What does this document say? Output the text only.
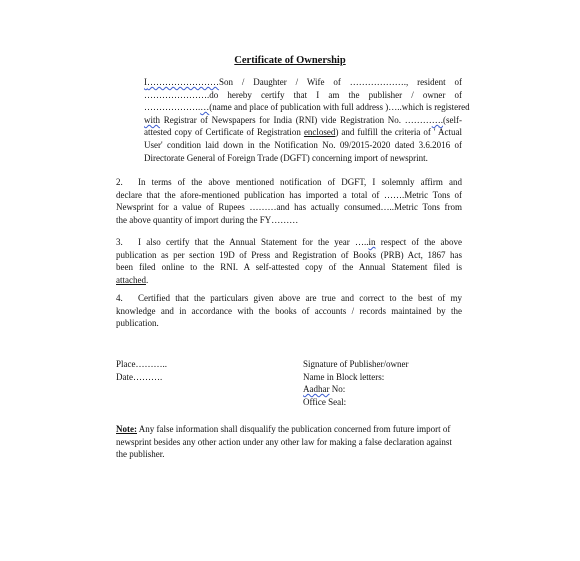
Certificate of Ownership
I……………………Son / Daughter / Wife of ………………., resident of
………………….do hereby certify that I am the publisher / owner of
……………….…(name and place of publication with full address )…..which is registered
with Registrar of Newspapers for India (RNI) vide Registration No. ………….(self-
attested copy of Certificate of Registration enclosed) and fulfill the criteria of ' Actual
User' condition laid down in the Notification No. 09/2015-2020 dated 3.6.2016 of
Directorate General of Foreign Trade (DGFT) concerning import of newsprint.
2. In terms of the above mentioned notification of DGFT, I solemnly affirm and
declare that the afore-mentioned publication has imported a total of …….Metric Tons of
Newsprint for a value of Rupees ………and has actually consumed…..Metric Tons from
the above quantity of import during the FY………
3. I also certify that the Annual Statement for the year …..in respect of the above
publication as per section 19D of Press and Registration of Books (PRB) Act, 1867 has
been filed online to the RNI. A self-attested copy of the Annual Statement filed is
attached.
4. Certified that the particulars given above are true and correct to the best of my
knowledge and in accordance with the books of accounts / records maintained by the
publication.
Place………..
Date……….
Signature of Publisher/owner
Name in Block letters:
Aadhar No:
Office Seal:
Note: Any false information shall disqualify the publication concerned from future import of newsprint besides any other action under any other law for making a false declaration against the publisher.
